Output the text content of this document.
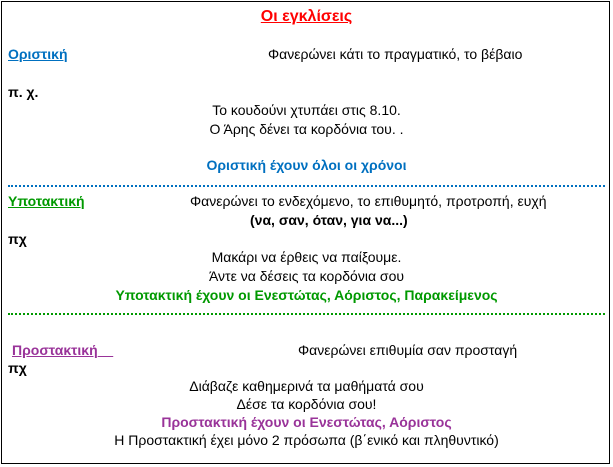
Οι εγκλίσεις
Οριστική	Φανερώνει κάτι το πραγματικό, το βέβαιο
π. χ.
Το κουδούνι χτυπάει στις 8.10.
Ο Άρης δένει τα κορδόνια του. .
Οριστική έχουν όλοι οι χρόνοι
Υποτακτική	Φανερώνει το ενδεχόμενο, το επιθυμητό, προτροπή, ευχή
(να, σαν, όταν, για να...)
πχ
Μακάρι να έρθεις να παίξουμε.
Άντε να δέσεις τα κορδόνια σου
Υποτακτική έχουν οι Ενεστώτας, Αόριστος, Παρακείμενος
Προστακτική	Φανερώνει επιθυμία σαν προσταγή
πχ
Διάβαζε καθημερινά τα μαθήματά σου
Δέσε τα κορδόνια σου!
Προστακτική έχουν οι Ενεστώτας, Αόριστος
Η Προστακτική έχει μόνο 2 πρόσωπα (β΄ενικό και πληθυντικό)
